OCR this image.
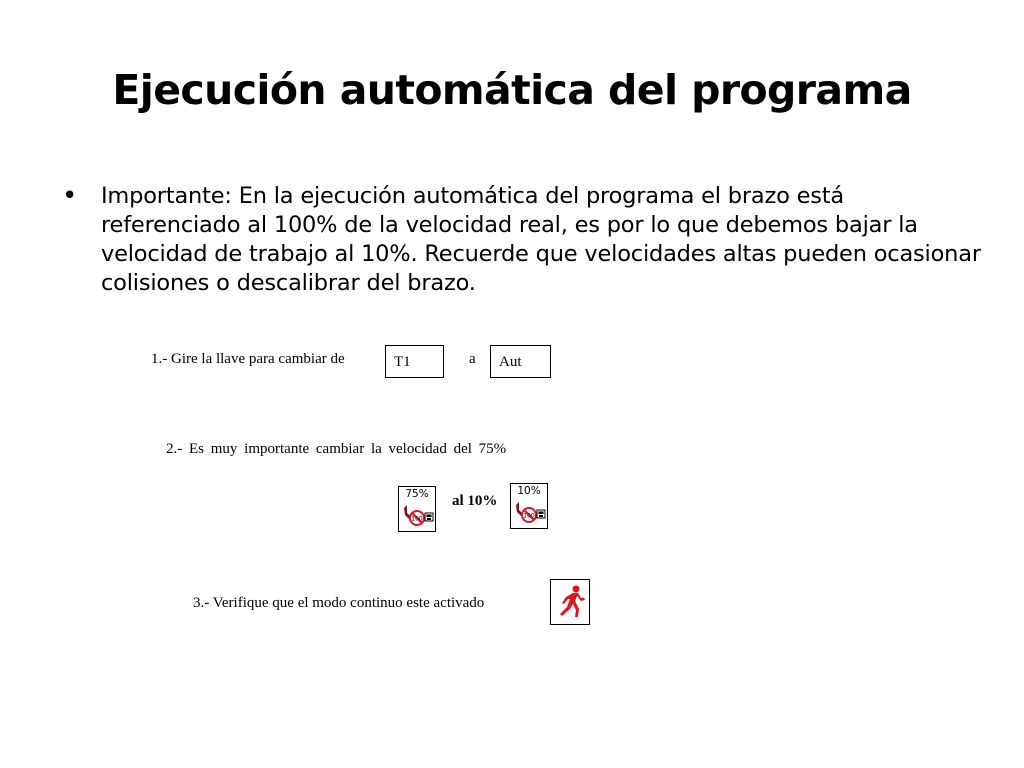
Ejecución automática del programa
• Importante: En la ejecución automática del programa el brazo está referenciado al 100% de la velocidad real, es por lo que debemos bajar la velocidad de trabajo al 10%. Recuerde que velocidades altas pueden ocasionar colisiones o descalibrar del brazo.
1.- Gire la llave para cambiar de	T1	a	Aut
2.- Es muy importante cambiar la velocidad del 75%
75%
100
al 10%
10%
100
3.- Verifique que el modo continuo este activado
